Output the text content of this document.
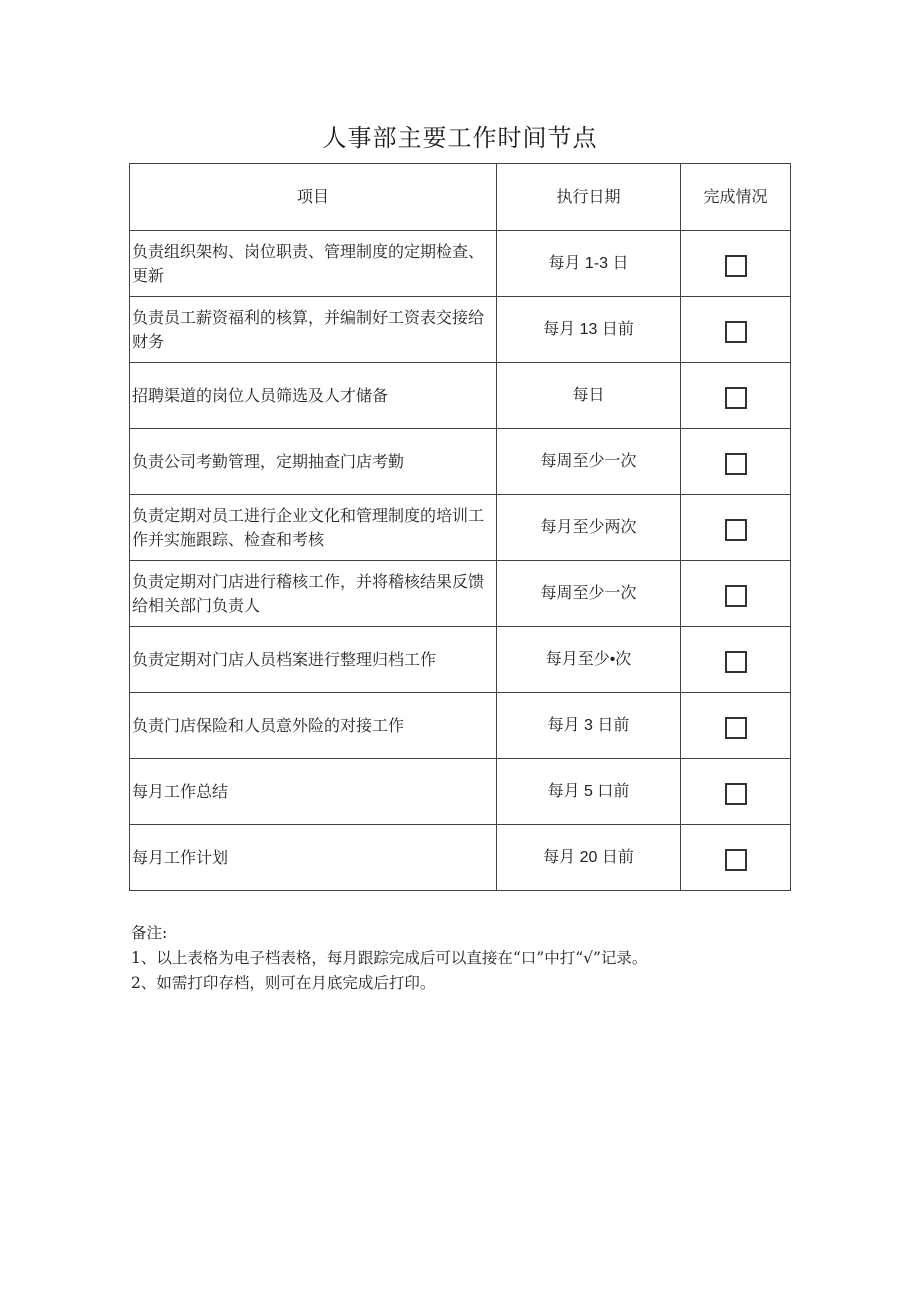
人事部主要工作时间节点
项目	执行日期	完成情况
负责组织架构、岗位职责、管理制度的定期检查、更新	每月 1-3 日	
负责员工薪资福利的核算，并编制好工资表交接给财务	每月 13 日前	
招聘渠道的岗位人员筛选及人才储备	每日	
负责公司考勤管理，定期抽查门店考勤	每周至少一次	
负责定期对员工进行企业文化和管理制度的培训工作并实施跟踪、检查和考核	每月至少两次	
负责定期对门店进行稽核工作，并将稽核结果反馈给相关部门负责人	每周至少一次	
负责定期对门店人员档案进行整理归档工作	每月至少•次	
负责门店保险和人员意外险的对接工作	每月 3 日前	
每月工作总结	每月 5 口前	
每月工作计划	每月 20 日前	
备注:
1、以上表格为电子档表格，每月跟踪完成后可以直接在“口”中打“√”记录。
2、如需打印存档，则可在月底完成后打印。
